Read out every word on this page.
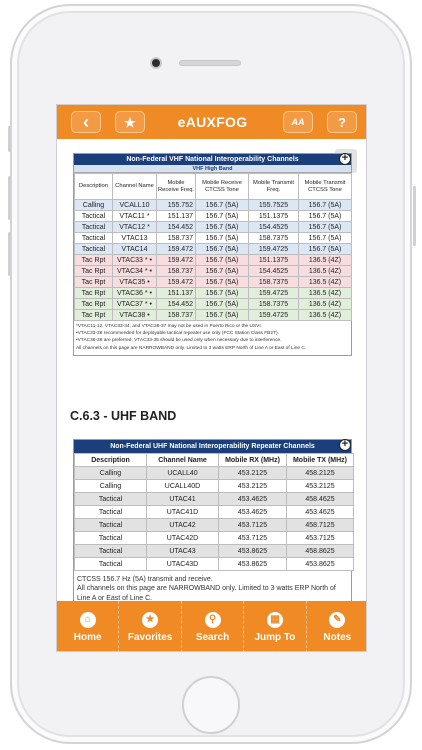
‹	★	eAUXFOG	AA	?
Non-Federal VHF National Interoperability Channels
VHF High Band
Description	Channel Name	Mobile Receive Freq.	Mobile Receive CTCSS Tone	Mobile Transmit Freq.	Mobile Transmit CTCSS Tone
Calling	VCALL10	155.752	156.7 (5A)	155.7525	156.7 (5A)
Tactical	VTAC11 *	151.137	156.7 (5A)	151.1375	156.7 (5A)
Tactical	VTAC12 *	154.452	156.7 (5A)	154.4525	156.7 (5A)
Tactical	VTAC13	158.737	156.7 (5A)	158.7375	156.7 (5A)
Tactical	VTAC14	159.472	156.7 (5A)	159.4725	156.7 (5A)
Tac Rpt	VTAC33 * •	159.472	156.7 (5A)	151.1375	136.5 (4Z)
Tac Rpt	VTAC34 * •	158.737	156.7 (5A)	154.4525	136.5 (4Z)
Tac Rpt	VTAC35 •	159.472	156.7 (5A)	158.7375	136.5 (4Z)
Tac Rpt	VTAC36 * •	151.137	156.7 (5A)	159.4725	136.5 (4Z)
Tac Rpt	VTAC37 * •	154.452	156.7 (5A)	158.7375	136.5 (4Z)
Tac Rpt	VTAC38 •	158.737	156.7 (5A)	159.4725	136.5 (4Z)
*VTAC11-12, VTAC33-34, and VTAC36-37 may not be used in Puerto Rico or the USVI.
•VTAC33-38 recommended for deployable tactical repeater use only (FCC Station Class FB2T).
•VTAC36-38 are preferred; VTAC33-35 should be used only when necessary due to interference.
All channels on this page are NARROWBAND only. Limited to 3 watts ERP North of Line A or East of Line C.
+
C.6.3 - UHF BAND
Non-Federal UHF National Interoperability Repeater Channels
Description	Channel Name	Mobile RX (MHz)	Mobile TX (MHz)
Calling	UCALL40	453.2125	458.2125
Calling	UCALL40D	453.2125	453.2125
Tactical	UTAC41	453.4625	458.4625
Tactical	UTAC41D	453.4625	453.4625
Tactical	UTAC42	453.7125	458.7125
Tactical	UTAC42D	453.7125	453.7125
Tactical	UTAC43	453.8625	458.8625
Tactical	UTAC43D	453.8625	453.8625
CTCSS 156.7 Hz (5A) transmit and receive.
All channels on this page are NARROWBAND only. Limited to 3 watts ERP North of Line A or East of Line C.
+
⌂
Home
★
Favorites
⚲
Search
▦
Jump To
✎
Notes
